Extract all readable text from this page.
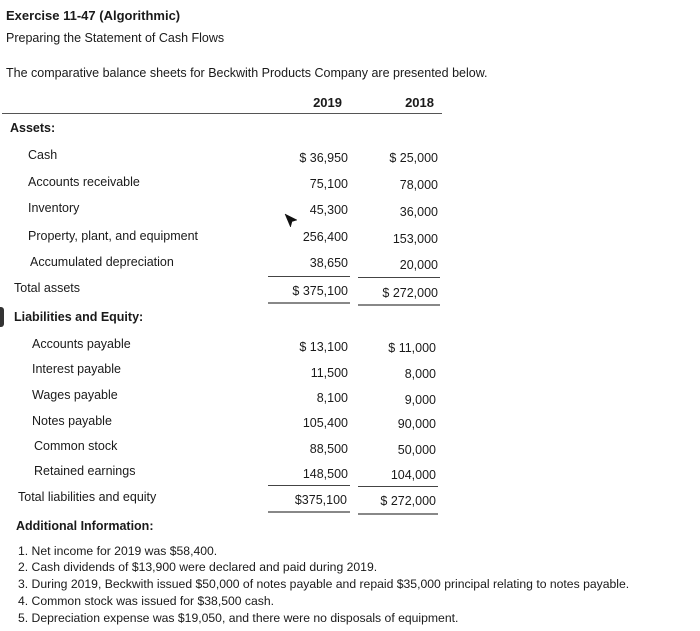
Exercise 11-47 (Algorithmic)
Preparing the Statement of Cash Flows
The comparative balance sheets for Beckwith Products Company are presented below.
2019	2018
Assets:
Cash	$ 36,950	$ 25,000
Accounts receivable	75,100	78,000
Inventory	45,300	36,000
Property, plant, and equipment	256,400	153,000
Accumulated depreciation	38,650	20,000
Total assets	$ 375,100	$ 272,000
Liabilities and Equity:
Accounts payable	$ 13,100	$ 11,000
Interest payable	11,500	8,000
Wages payable	8,100	9,000
Notes payable	105,400	90,000
Common stock	88,500	50,000
Retained earnings	148,500	104,000
Total liabilities and equity	$375,100	$ 272,000
Additional Information:
1. Net income for 2019 was $58,400.
2. Cash dividends of $13,900 were declared and paid during 2019.
3. During 2019, Beckwith issued $50,000 of notes payable and repaid $35,000 principal relating to notes payable.
4. Common stock was issued for $38,500 cash.
5. Depreciation expense was $19,050, and there were no disposals of equipment.
